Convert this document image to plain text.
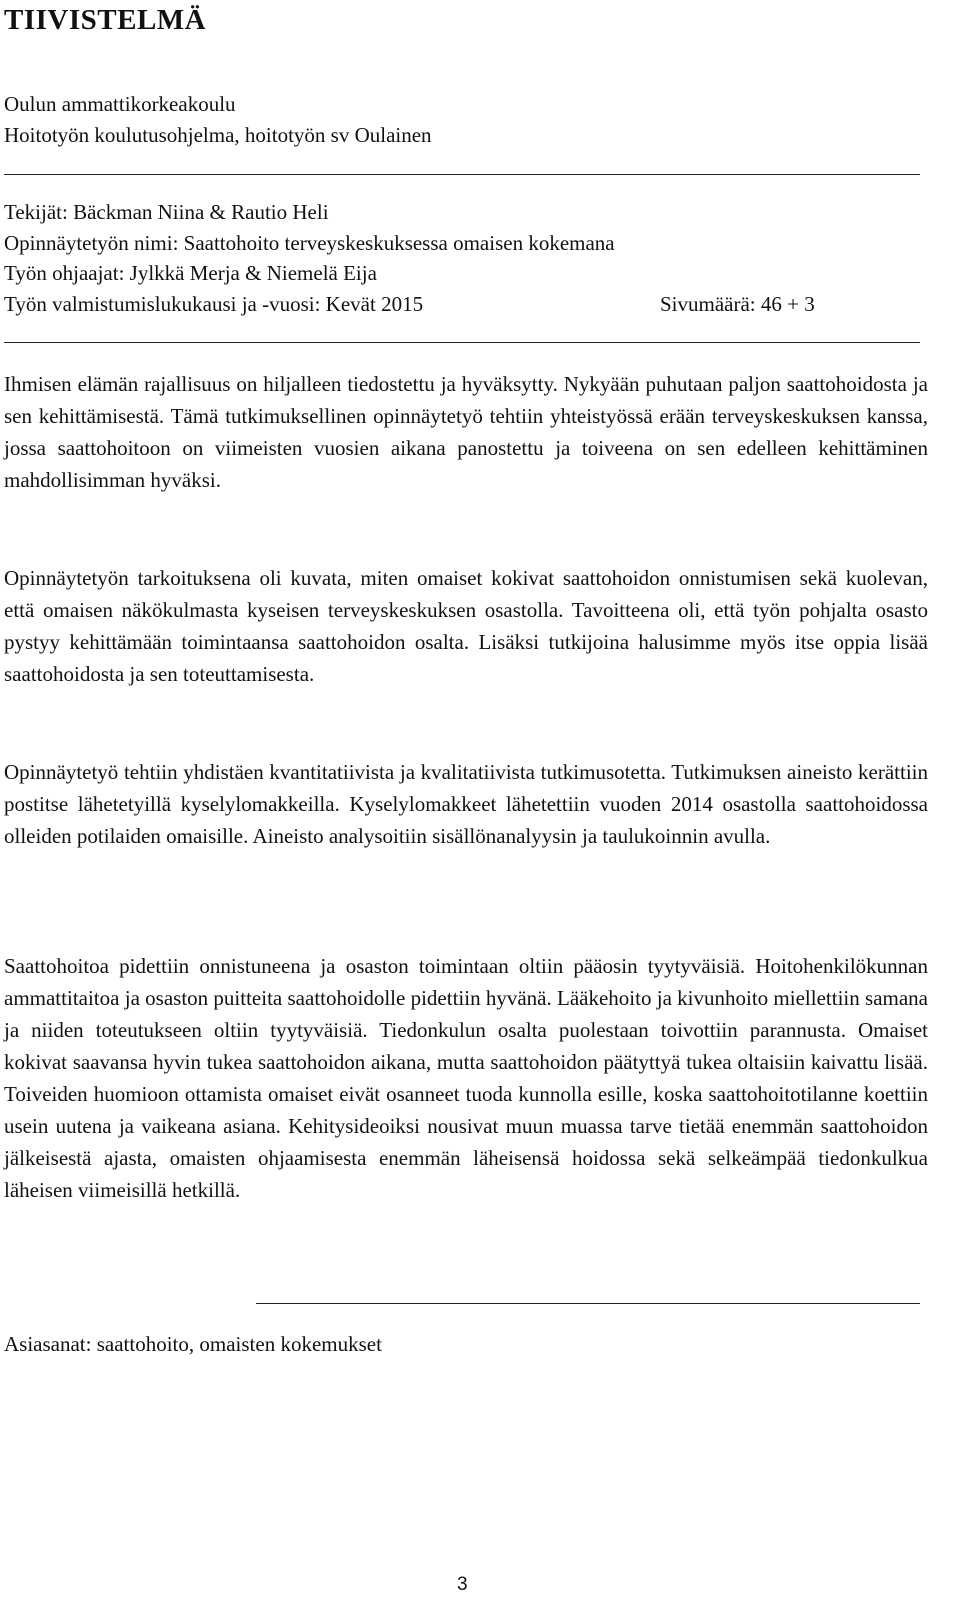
TIIVISTELMÄ
Oulun ammattikorkeakoulu
Hoitotyön koulutusohjelma, hoitotyön sv Oulainen
Tekijät: Bäckman Niina & Rautio Heli
Opinnäytetyön nimi: Saattohoito terveyskeskuksessa omaisen kokemana
Työn ohjaajat: Jylkkä Merja & Niemelä Eija
Työn valmistumislukukausi ja -vuosi: Kevät 2015	Sivumäärä: 46 + 3

Ihmisen elämän rajallisuus on hiljalleen tiedostettu ja hyväksytty. Nykyään puhutaan paljon saattohoidosta ja sen kehittämisestä. Tämä tutkimuksellinen opinnäytetyö tehtiin yhteistyössä erään terveyskeskuksen kanssa, jossa saattohoitoon on viimeisten vuosien aikana panostettu ja toiveena on sen edelleen kehittäminen mahdollisimman hyväksi.

Opinnäytetyön tarkoituksena oli kuvata, miten omaiset kokivat saattohoidon onnistumisen sekä kuolevan, että omaisen näkökulmasta kyseisen terveyskeskuksen osastolla. Tavoitteena oli, että työn pohjalta osasto pystyy kehittämään toimintaansa saattohoidon osalta. Lisäksi tutkijoina halusimme myös itse oppia lisää saattohoidosta ja sen toteuttamisesta.

Opinnäytetyö tehtiin yhdistäen kvantitatiivista ja kvalitatiivista tutkimusotetta. Tutkimuksen aineisto kerättiin postitse lähetetyillä kyselylomakkeilla. Kyselylomakkeet lähetettiin vuoden 2014 osastolla saattohoidossa olleiden potilaiden omaisille. Aineisto analysoitiin sisällönanalyysin ja taulukoinnin avulla.

Saattohoitoa pidettiin onnistuneena ja osaston toimintaan oltiin pääosin tyytyväisiä. Hoitohenkilökunnan ammattitaitoa ja osaston puitteita saattohoidolle pidettiin hyvänä. Lääkehoito ja kivunhoito miellettiin samana ja niiden toteutukseen oltiin tyytyväisiä. Tiedonkulun osalta puolestaan toivottiin parannusta. Omaiset kokivat saavansa hyvin tukea saattohoidon aikana, mutta saattohoidon päätyttyä tukea oltaisiin kaivattu lisää. Toiveiden huomioon ottamista omaiset eivät osanneet tuoda kunnolla esille, koska saattohoitotilanne koettiin usein uutena ja vaikeana asiana. Kehitysideoiksi nousivat muun muassa tarve tietää enemmän saattohoidon jälkeisestä ajasta, omaisten ohjaamisesta enemmän läheisensä hoidossa sekä selkeämpää tiedonkulkua läheisen viimeisillä hetkillä.

Asiasanat: saattohoito, omaisten kokemukset
3
